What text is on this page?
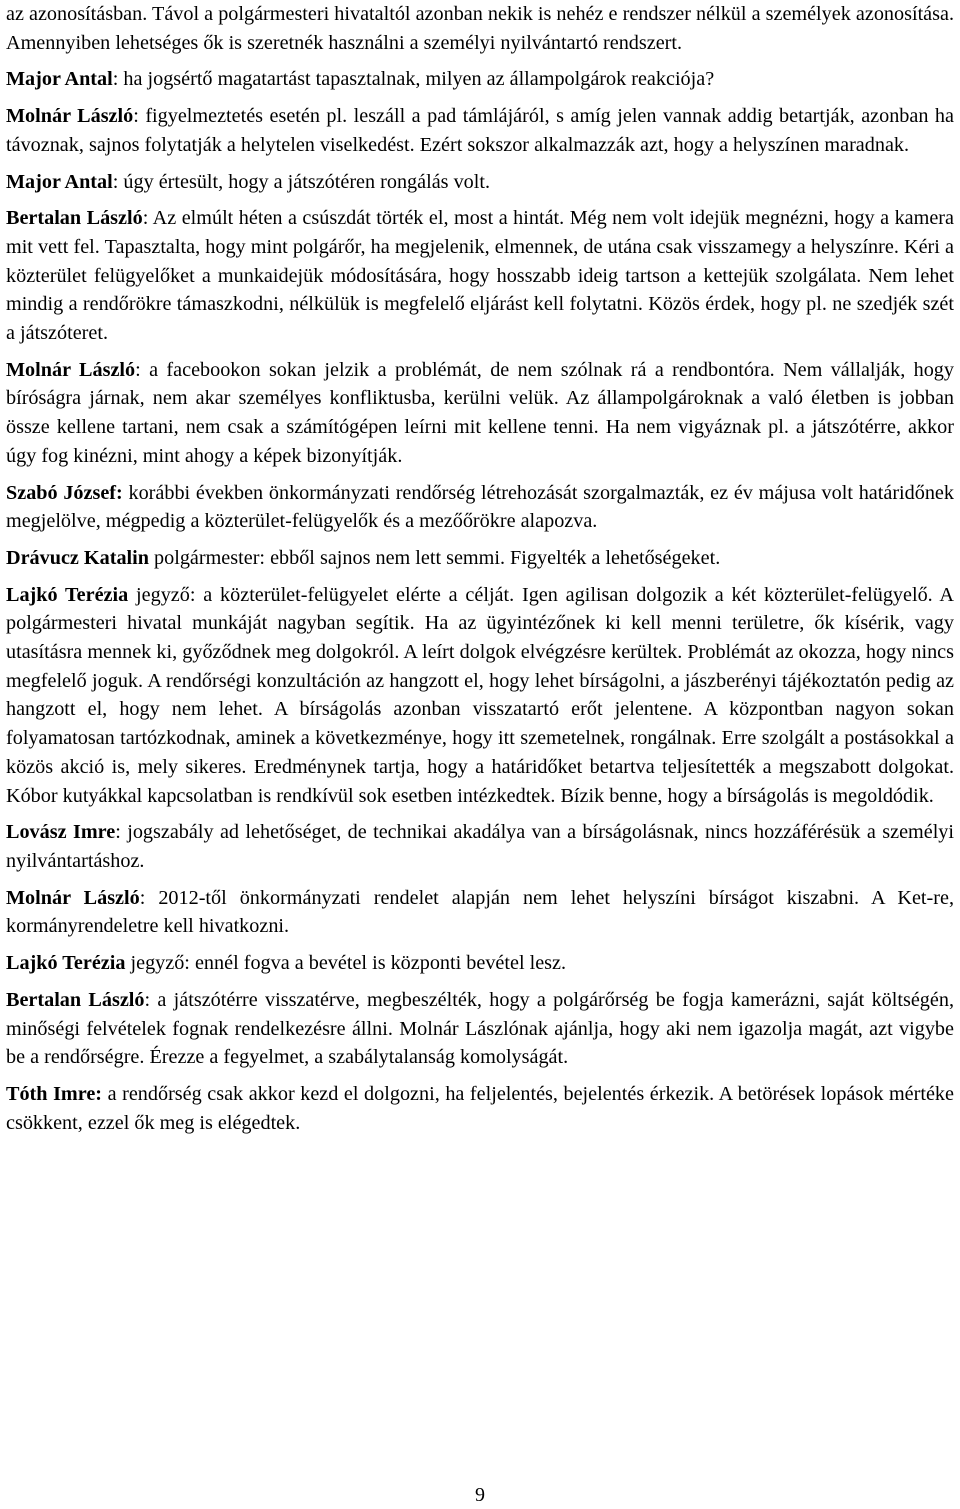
az azonosításban. Távol a polgármesteri hivataltól azonban nekik is nehéz e rendszer nélkül a személyek azonosítása. Amennyiben lehetséges ők is szeretnék használni a személyi nyilvántartó rendszert.

Major Antal: ha jogsértő magatartást tapasztalnak, milyen az állampolgárok reakciója?

Molnár László: figyelmeztetés esetén pl. leszáll a pad támlájáról, s amíg jelen vannak addig betartják, azonban ha távoznak, sajnos folytatják a helytelen viselkedést. Ezért sokszor alkalmazzák azt, hogy a helyszínen maradnak.

Major Antal: úgy értesült, hogy a játszótéren rongálás volt.

Bertalan László: Az elmúlt héten a csúszdát törték el, most a hintát. Még nem volt idejük megnézni, hogy a kamera mit vett fel. Tapasztalta, hogy mint polgárőr, ha megjelenik, elmennek, de utána csak visszamegy a helyszínre. Kéri a közterület felügyelőket a munkaidejük módosítására, hogy hosszabb ideig tartson a kettejük szolgálata. Nem lehet mindig a rendőrökre támaszkodni, nélkülük is megfelelő eljárást kell folytatni. Közös érdek, hogy pl. ne szedjék szét a játszóteret.

Molnár László: a facebookon sokan jelzik a problémát, de nem szólnak rá a rendbontóra. Nem vállalják, hogy bíróságra járnak, nem akar személyes konfliktusba, kerülni velük. Az állampolgároknak a való életben is jobban össze kellene tartani, nem csak a számítógépen leírni mit kellene tenni. Ha nem vigyáznak pl. a játszótérre, akkor úgy fog kinézni, mint ahogy a képek bizonyítják.

Szabó József: korábbi években önkormányzati rendőrség létrehozását szorgalmazták, ez év májusa volt határidőnek megjelölve, mégpedig a közterület-felügyelők és a mezőőrökre alapozva.

Drávucz Katalin polgármester: ebből sajnos nem lett semmi. Figyelték a lehetőségeket.

Lajkó Terézia jegyző: a közterület-felügyelet elérte a célját. Igen agilisan dolgozik a két közterület-felügyelő. A polgármesteri hivatal munkáját nagyban segítik. Ha az ügyintézőnek ki kell menni területre, ők kísérik, vagy utasításra mennek ki, győződnek meg dolgokról. A leírt dolgok elvégzésre kerültek. Problémát az okozza, hogy nincs megfelelő joguk. A rendőrségi konzultáción az hangzott el, hogy lehet bírságolni, a jászberényi tájékoztatón pedig az hangzott el, hogy nem lehet. A bírságolás azonban visszatartó erőt jelentene. A központban nagyon sokan folyamatosan tartózkodnak, aminek a következménye, hogy itt szemetelnek, rongálnak. Erre szolgált a postásokkal a közös akció is, mely sikeres. Eredménynek tartja, hogy a határidőket betartva teljesítették a megszabott dolgokat. Kóbor kutyákkal kapcsolatban is rendkívül sok esetben intézkedtek. Bízik benne, hogy a bírságolás is megoldódik.

Lovász Imre: jogszabály ad lehetőséget, de technikai akadálya van a bírságolásnak, nincs hozzáférésük a személyi nyilvántartáshoz.

Molnár László: 2012-től önkormányzati rendelet alapján nem lehet helyszíni bírságot kiszabni. A Ket-re, kormányrendeletre kell hivatkozni.

Lajkó Terézia jegyző: ennél fogva a bevétel is központi bevétel lesz.

Bertalan László: a játszótérre visszatérve, megbeszélték, hogy a polgárőrség be fogja kamerázni, saját költségén, minőségi felvételek fognak rendelkezésre állni. Molnár Lászlónak ajánlja, hogy aki nem igazolja magát, azt vigybe be a rendőrségre. Érezze a fegyelmet, a szabálytalanság komolyságát.

Tóth Imre: a rendőrség csak akkor kezd el dolgozni, ha feljelentés, bejelentés érkezik. A betörések lopások mértéke csökkent, ezzel ők meg is elégedtek.

9
